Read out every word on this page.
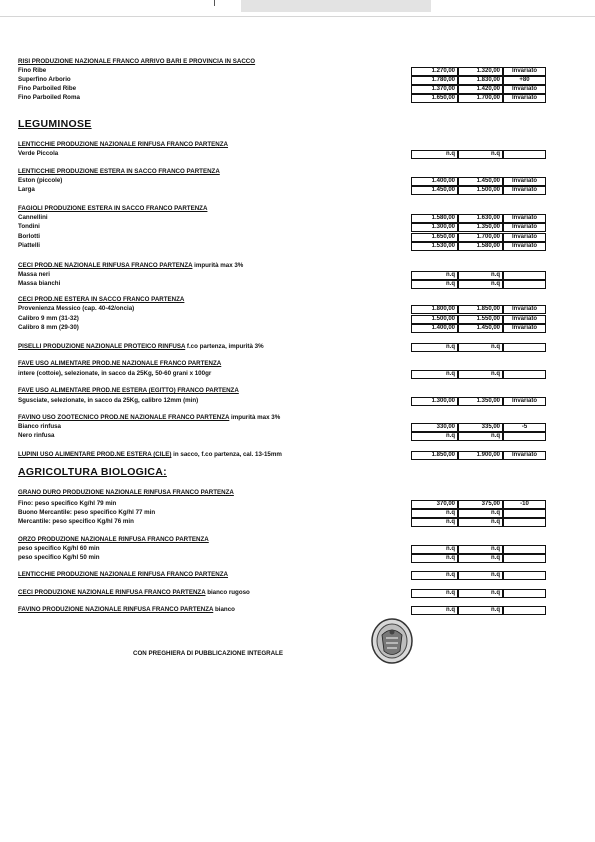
RISI PRODUZIONE NAZIONALE FRANCO ARRIVO BARI E PROVINCIA IN SACCO
Fino Ribe	1.270,00	1.320,00	Invariato
Superfino Arborio	1.780,00	1.830,00	+80
Fino Parboiled Ribe	1.370,00	1.420,00	Invariato
Fino Parboiled Roma	1.650,00	1.700,00	Invariato
LEGUMINOSE
LENTICCHIE PRODUZIONE NAZIONALE RINFUSA FRANCO PARTENZA
Verde Piccola	n.q	n.q
LENTICCHIE PRODUZIONE ESTERA IN SACCO FRANCO PARTENZA
Eston (piccole)	1.400,00	1.450,00	Invariato
Larga	1.450,00	1.500,00	Invariato
FAGIOLI PRODUZIONE ESTERA IN SACCO FRANCO PARTENZA
Cannellini	1.580,00	1.630,00	Invariato
Tondini	1.300,00	1.350,00	Invariato
Borlotti	1.650,00	1.700,00	Invariato
Piattelli	1.530,00	1.580,00	Invariato
CECI PROD.NE NAZIONALE RINFUSA FRANCO PARTENZA impurità max 3%
Massa neri	n.q	n.q
Massa bianchi	n.q	n.q
CECI PROD.NE ESTERA IN SACCO FRANCO PARTENZA
Provenienza Messico (cap. 40-42/oncia)	1.800,00	1.850,00	Invariato
Calibro 9 mm (31-32)	1.500,00	1.550,00	Invariato
Calibro 8 mm (29-30)	1.400,00	1.450,00	Invariato
PISELLI PRODUZIONE NAZIONALE PROTEICO RINFUSA f.co partenza, impurità 3%	n.q	n.q
FAVE USO ALIMENTARE PROD.NE NAZIONALE FRANCO PARTENZA
intere (cottoie), selezionate, in sacco da 25Kg, 50-60 grani x 100gr	n.q	n.q
FAVE USO ALIMENTARE PROD.NE ESTERA (EGITTO) FRANCO PARTENZA
Sgusciate, selezionate, in sacco da 25Kg, calibro 12mm (min)	1.300,00	1.350,00	Invariato
FAVINO USO ZOOTECNICO PROD.NE NAZIONALE FRANCO PARTENZA impurità max 3%
Bianco rinfusa	330,00	335,00	-5
Nero rinfusa	n.q	n.q
LUPINI USO ALIMENTARE PROD.NE ESTERA (CILE) in sacco, f.co partenza, cal. 13-15mm	1.850,00	1.900,00	Invariato
AGRICOLTURA BIOLOGICA:
GRANO DURO PRODUZIONE NAZIONALE RINFUSA FRANCO PARTENZA
Fino: peso specifico Kg/hl 79 min	370,00	375,00	-10
Buono Mercantile: peso specifico Kg/hl 77 min	n.q	n.q
Mercantile: peso specifico Kg/hl 76 min	n.q	n.q
ORZO PRODUZIONE NAZIONALE RINFUSA FRANCO PARTENZA
peso specifico Kg/hl 60 min	n.q	n.q
peso specifico Kg/hl 50 min	n.q	n.q
LENTICCHIE PRODUZIONE NAZIONALE RINFUSA FRANCO PARTENZA	n.q	n.q
CECI PRODUZIONE NAZIONALE RINFUSA FRANCO PARTENZA bianco rugoso	n.q	n.q
FAVINO PRODUZIONE NAZIONALE RINFUSA FRANCO PARTENZA bianco	n.q	n.q
CON PREGHIERA DI PUBBLICAZIONE INTEGRALE
